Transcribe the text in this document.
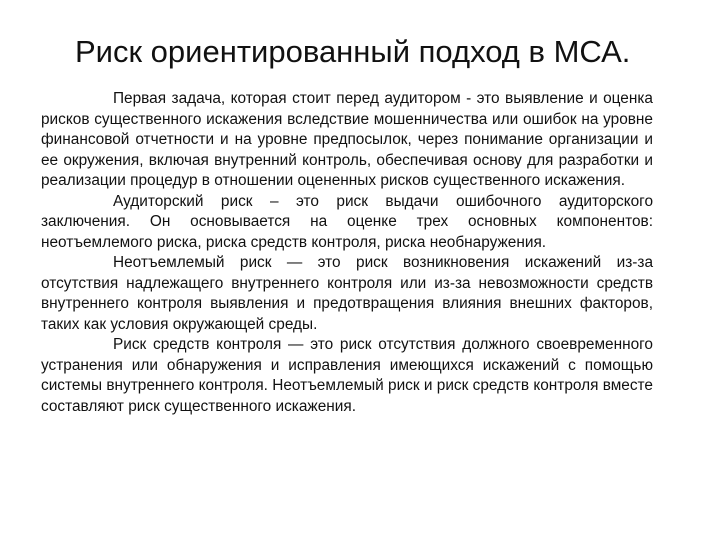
Риск ориентированный подход в МСА.

Первая задача, которая стоит перед аудитором - это выявление и оценка рисков существенного искажения вследствие мошенничества или ошибок на уровне финансовой отчетности и на уровне предпосылок, через понимание организации и ее окружения, включая внутренний контроль, обеспечивая основу для разработки и реализации процедур в отношении оцененных рисков существенного искажения.

Аудиторский риск – это риск выдачи ошибочного аудиторского заключения. Он основывается на оценке трех основных компонентов: неотъемлемого риска, риска средств контроля, риска необнаружения.

Неотъемлемый риск — это риск возникновения искажений из-за отсутствия надлежащего внутреннего контроля или из-за невозможности средств внутреннего контроля выявления и предотвращения влияния внешних факторов, таких как условия окружающей среды.

Риск средств контроля — это риск отсутствия должного своевременного устранения или обнаружения и исправления имеющихся искажений с помощью системы внутреннего контроля. Неотъемлемый риск и риск средств контроля вместе составляют риск существенного искажения.
